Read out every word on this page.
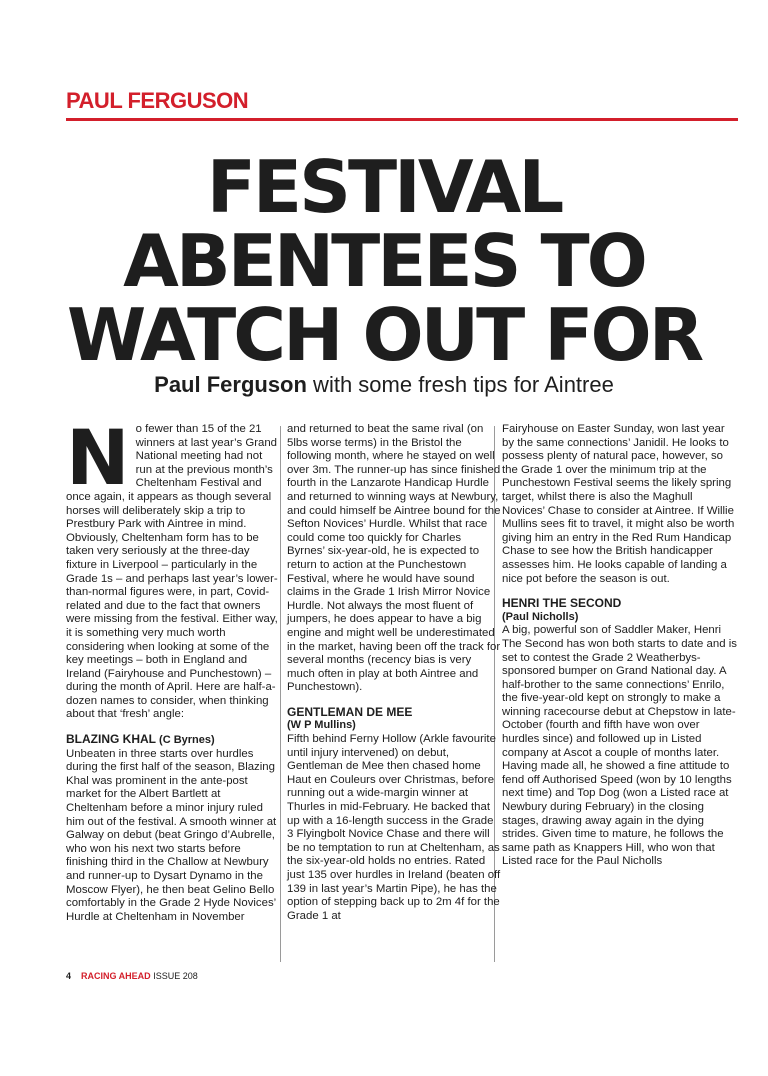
PAUL FERGUSON
FESTIVAL
ABENTEES TO
WATCH OUT FOR
Paul Ferguson with some fresh tips for Aintree

No fewer than 15 of the 21 winners at last year’s Grand National meeting had not run at the previous month’s Cheltenham Festival and once again, it appears as though several horses will deliberately skip a trip to Prestbury Park with Aintree in mind. Obviously, Cheltenham form has to be taken very seriously at the three-day fixture in Liverpool – particularly in the Grade 1s – and perhaps last year’s lower-than-normal figures were, in part, Covid-related and due to the fact that owners were missing from the festival. Either way, it is something very much worth considering when looking at some of the key meetings – both in England and Ireland (Fairyhouse and Punchestown) – during the month of April. Here are half-a-dozen names to consider, when thinking about that ‘fresh’ angle:

BLAZING KHAL (C Byrnes)

Unbeaten in three starts over hurdles during the first half of the season, Blazing Khal was prominent in the ante-post market for the Albert Bartlett at Cheltenham before a minor injury ruled him out of the festival. A smooth winner at Galway on debut (beat Gringo d’Aubrelle, who won his next two starts before finishing third in the Challow at Newbury and runner-up to Dysart Dynamo in the Moscow Flyer), he then beat Gelino Bello comfortably in the Grade 2 Hyde Novices’ Hurdle at Cheltenham in November

and returned to beat the same rival (on 5lbs worse terms) in the Bristol the following month, where he stayed on well over 3m. The runner-up has since finished fourth in the Lanzarote Handicap Hurdle and returned to winning ways at Newbury, and could himself be Aintree bound for the Sefton Novices’ Hurdle. Whilst that race could come too quickly for Charles Byrnes’ six-year-old, he is expected to return to action at the Punchestown Festival, where he would have sound claims in the Grade 1 Irish Mirror Novice Hurdle. Not always the most fluent of jumpers, he does appear to have a big engine and might well be underestimated in the market, having been off the track for several months (recency bias is very much often in play at both Aintree and Punchestown).

GENTLEMAN DE MEE
(W P Mullins)

Fifth behind Ferny Hollow (Arkle favourite until injury intervened) on debut, Gentleman de Mee then chased home Haut en Couleurs over Christmas, before running out a wide-margin winner at Thurles in mid-February. He backed that up with a 16-length success in the Grade 3 Flyingbolt Novice Chase and there will be no temptation to run at Cheltenham, as the six-year-old holds no entries. Rated just 135 over hurdles in Ireland (beaten off 139 in last year’s Martin Pipe), he has the option of stepping back up to 2m 4f for the Grade 1 at

Fairyhouse on Easter Sunday, won last year by the same connections’ Janidil. He looks to possess plenty of natural pace, however, so the Grade 1 over the minimum trip at the Punchestown Festival seems the likely spring target, whilst there is also the Maghull Novices’ Chase to consider at Aintree. If Willie Mullins sees fit to travel, it might also be worth giving him an entry in the Red Rum Handicap Chase to see how the British handicapper assesses him. He looks capable of landing a nice pot before the season is out.

HENRI THE SECOND
(Paul Nicholls)

A big, powerful son of Saddler Maker, Henri The Second has won both starts to date and is set to contest the Grade 2 Weatherbys-sponsored bumper on Grand National day. A half-brother to the same connections’ Enrilo, the five-year-old kept on strongly to make a winning racecourse debut at Chepstow in late-October (fourth and fifth have won over hurdles since) and followed up in Listed company at Ascot a couple of months later. Having made all, he showed a fine attitude to fend off Authorised Speed (won by 10 lengths next time) and Top Dog (won a Listed race at Newbury during February) in the closing stages, drawing away again in the dying strides. Given time to mature, he follows the same path as Knappers Hill, who won that Listed race for the Paul Nicholls

4 RACING AHEAD ISSUE 208
